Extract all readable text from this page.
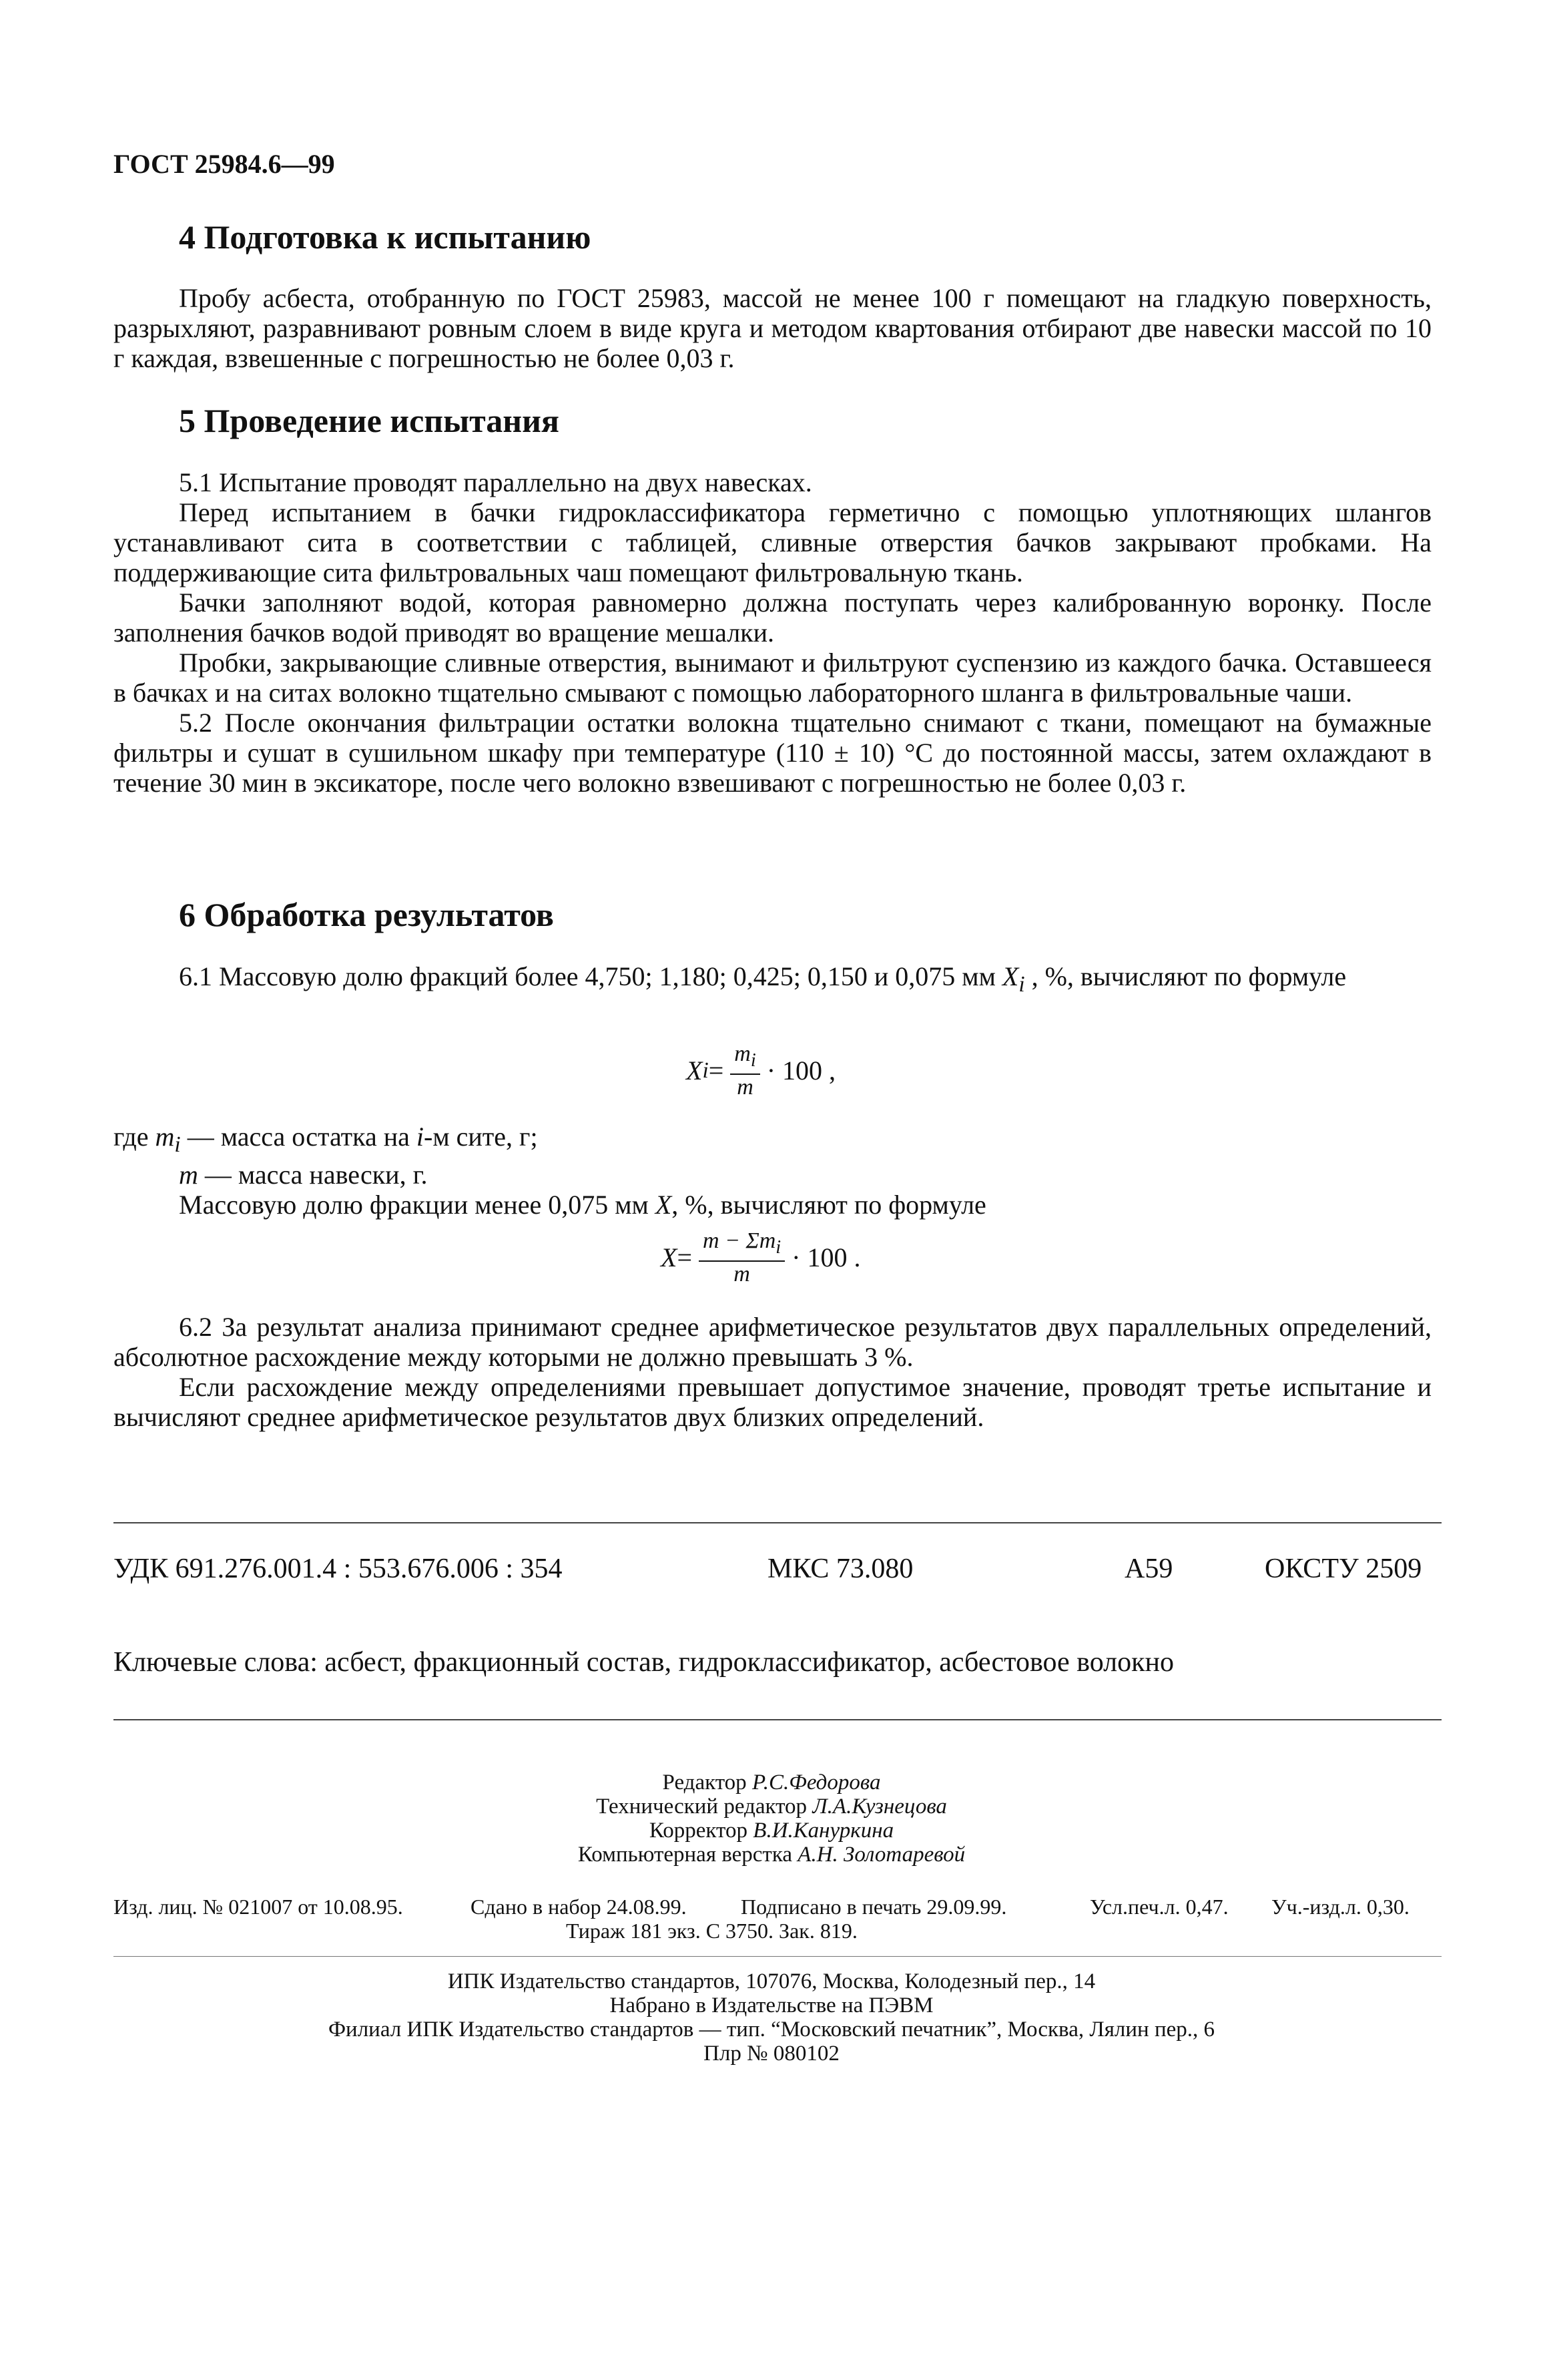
ГОСТ 25984.6—99
4 Подготовка к испытанию

Пробу асбеста, отобранную по ГОСТ 25983, массой не менее 100 г помещают на гладкую поверхность, разрыхляют, разравнивают ровным слоем в виде круга и методом квартования отбирают две навески массой по 10 г каждая, взвешенные с погрешностью не более 0,03 г.

5 Проведение испытания

5.1 Испытание проводят параллельно на двух навесках.

Перед испытанием в бачки гидроклассификатора герметично с помощью уплотняющих шлангов устанавливают сита в соответствии с таблицей, сливные отверстия бачков закрывают пробками. На поддерживающие сита фильтровальных чаш помещают фильтровальную ткань.

Бачки заполняют водой, которая равномерно должна поступать через калиброванную воронку. После заполнения бачков водой приводят во вращение мешалки.

Пробки, закрывающие сливные отверстия, вынимают и фильтруют суспензию из каждого бачка. Оставшееся в бачках и на ситах волокно тщательно смывают с помощью лабораторного шланга в фильтровальные чаши.

5.2 После окончания фильтрации остатки волокна тщательно снимают с ткани, помещают на бумажные фильтры и сушат в сушильном шкафу при температуре (110 ± 10) °С до постоянной массы, затем охлаждают в течение 30 мин в эксикаторе, после чего волокно взвешивают с погрешностью не более 0,03 г.

6 Обработка результатов

6.1 Массовую долю фракций более 4,750; 1,180; 0,425; 0,150 и 0,075 мм $X_i$ , %, вычисляют по формуле

X $i = \frac{m_i}{m} \cdot 100$ ,

где $m_i$ — масса остатка на i-м сите, г;

m — масса навески, г.

Массовую долю фракции менее 0,075 мм X, %, вычисляют по формуле

$X = \frac{m - \Sigma m_i}{m} \cdot 100$ .

6.2 За результат анализа принимают среднее арифметическое результатов двух параллельных определений, абсолютное расхождение между которыми не должно превышать 3 %.

Если расхождение между определениями превышает допустимое значение, проводят третье испытание и вычисляют среднее арифметическое результатов двух близких определений.

УДК 691.276.001.4 : 553.676.006 : 354	МКС 73.080	А59	ОКСТУ 2509
Ключевые слова: асбест, фракционный состав, гидроклассификатор, асбестовое волокно
Редактор Р.С.Федорова
Технический редактор Л.А.Кузнецова
Корректор В.И.Кануркина
Компьютерная верстка А.Н. Золотаревой
Изд. лиц. № 021007 от 10.08.95.	Сдано в набор 24.08.99.	Подписано в печать 29.09.99.	Усл.печ.л. 0,47. Уч.-изд.л. 0,30.
Тираж 181 экз. С 3750. Зак. 819.
ИПК Издательство стандартов, 107076, Москва, Колодезный пер., 14
Набрано в Издательстве на ПЭВМ
Филиал ИПК Издательство стандартов — тип. “Московский печатник”, Москва, Лялин пер., 6
Плр № 080102
